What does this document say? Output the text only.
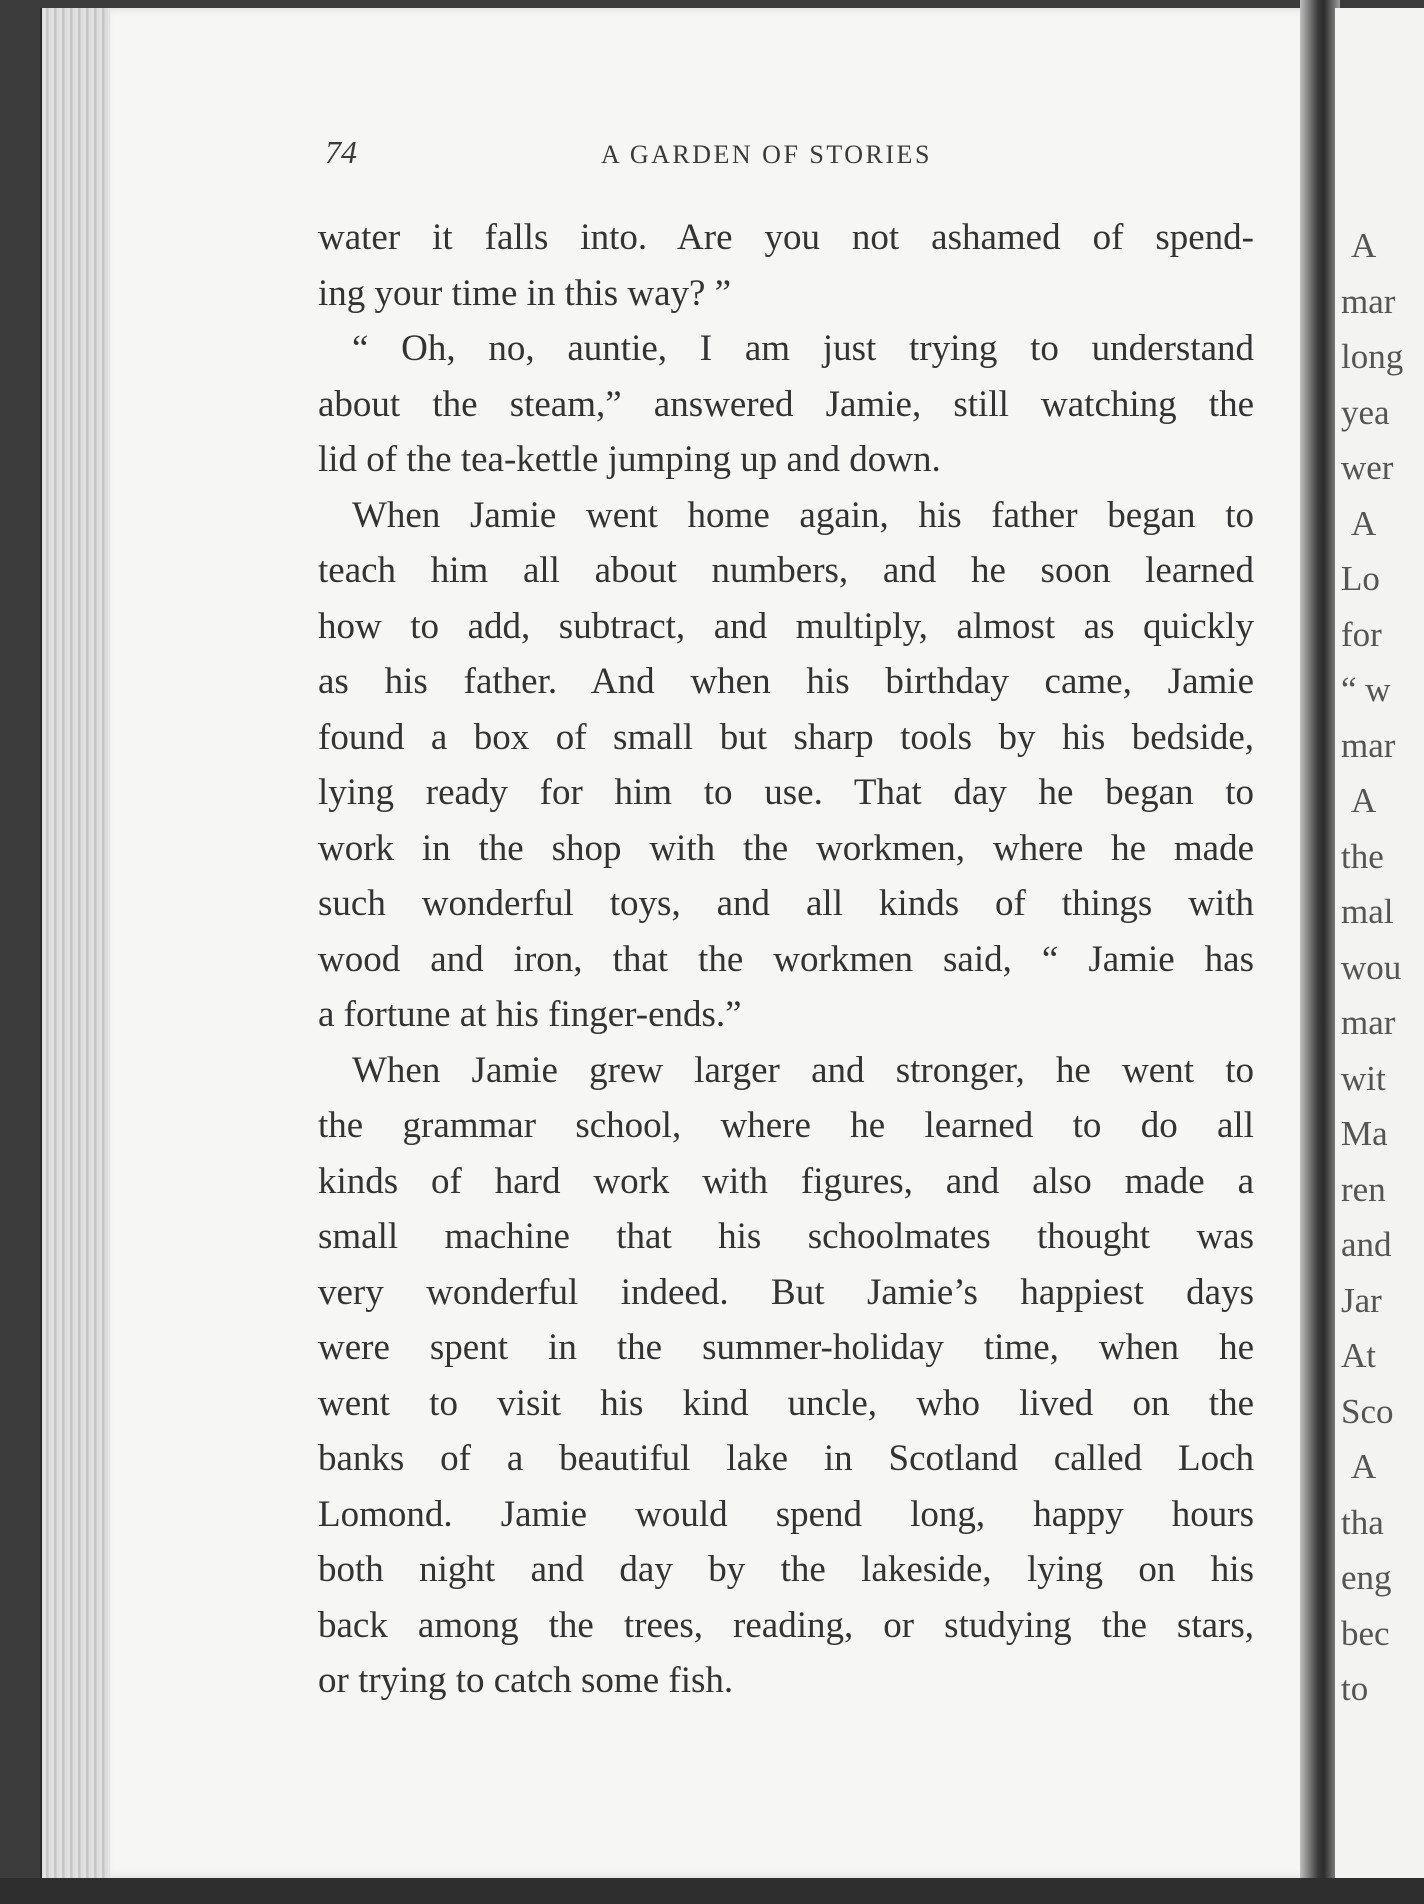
A
mar
long
yea
wer
A
Lo
for
“ w
mar
A
the
mal
wou
mar
wit
Ma
ren
and
Jar
At
Sco
A
tha
eng
bec
to
74	A GARDEN OF STORIES
water it falls into. Are you not ashamed of spend-
ing your time in this way? ”
“ Oh, no, auntie, I am just trying to understand
about the steam,” answered Jamie, still watching the
lid of the tea-kettle jumping up and down.
When Jamie went home again, his father began to
teach him all about numbers, and he soon learned
how to add, subtract, and multiply, almost as quickly
as his father. And when his birthday came, Jamie
found a box of small but sharp tools by his bedside,
lying ready for him to use. That day he began to
work in the shop with the workmen, where he made
such wonderful toys, and all kinds of things with
wood and iron, that the workmen said, “ Jamie has
a fortune at his finger-ends.”
When Jamie grew larger and stronger, he went to
the grammar school, where he learned to do all
kinds of hard work with figures, and also made a
small machine that his schoolmates thought was
very wonderful indeed. But Jamie’s happiest days
were spent in the summer-holiday time, when he
went to visit his kind uncle, who lived on the
banks of a beautiful lake in Scotland called Loch
Lomond. Jamie would spend long, happy hours
both night and day by the lakeside, lying on his
back among the trees, reading, or studying the stars,
or trying to catch some fish.
